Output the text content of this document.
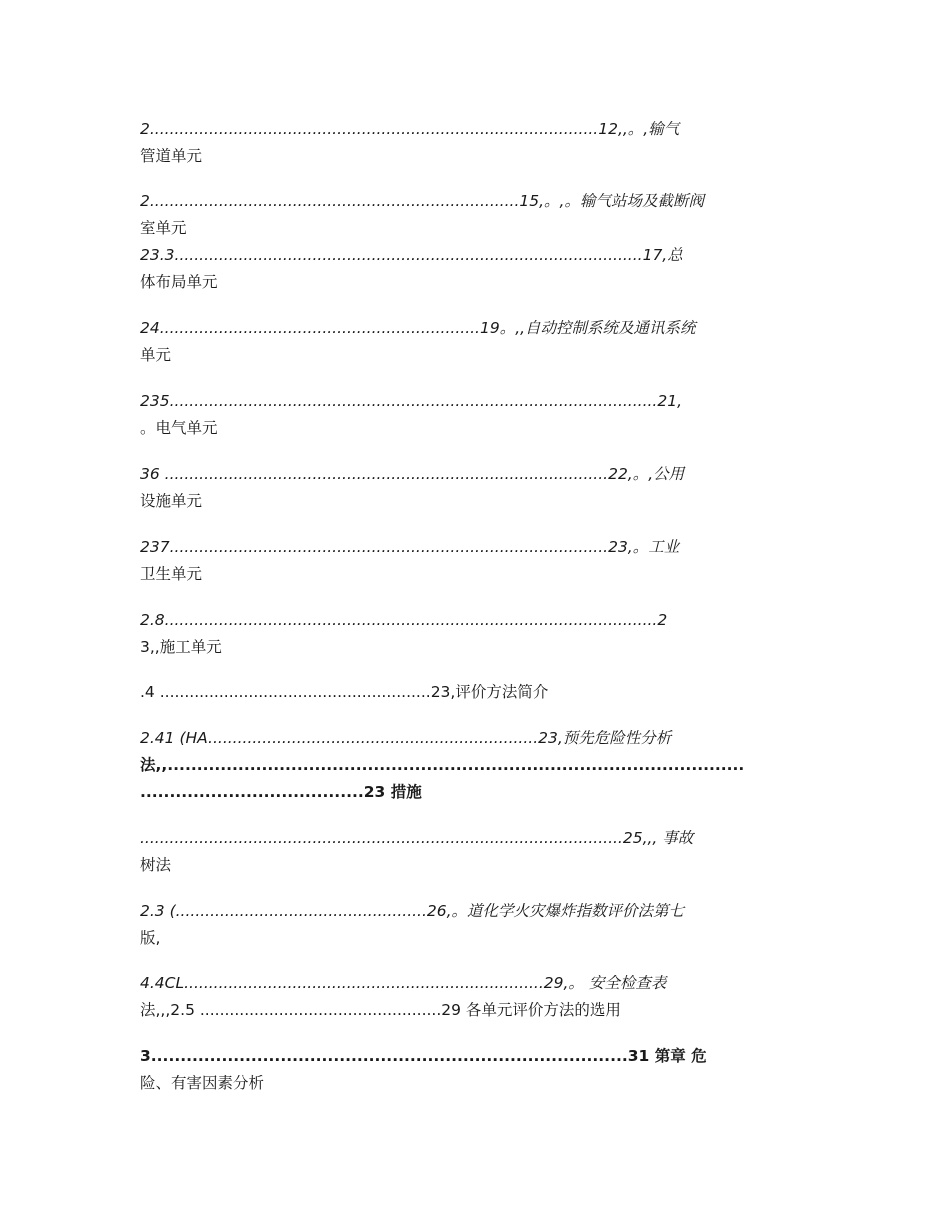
2...........................................................................................12,,。,输气
管道单元
2...........................................................................15,。,。输气站场及截断阀
室单元
23.3...............................................................................................17,总
体布局单元
24.................................................................19。,,自动控制系统及通讯系统
单元
235...................................................................................................21,
。电气单元
36 ..........................................................................................22,。,公用
设施单元
237.........................................................................................23,。工业
卫生单元
2.8....................................................................................................2
3,,施工单元
.4 .......................................................23,评价方法简介
2.41 (HA...................................................................23,预先危险性分析
法,,..................................................................................................
......................................23 措施
..................................................................................................25,,, 事故
树法
2.3 (...................................................26,。道化学火灾爆炸指数评价法第七
版,
4.4CL.........................................................................29,。 安全检查表
法,,,2.5 .................................................29 各单元评价方法的选用
3.................................................................................31 第章 危
险、有害因素分析
